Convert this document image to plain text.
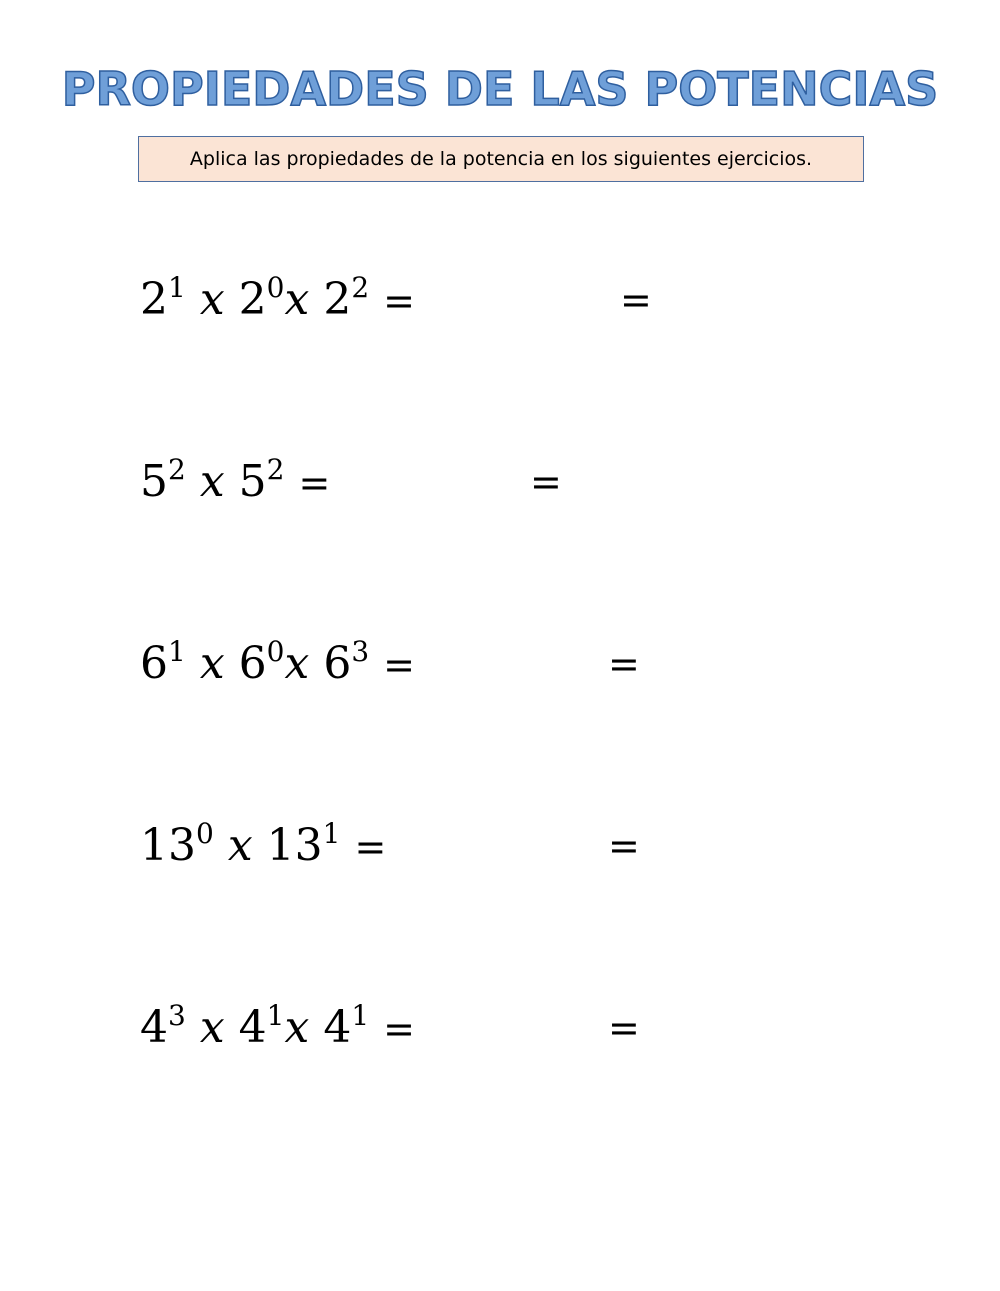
PROPIEDADES DE LAS POTENCIAS
Aplica las propiedades de la potencia en los siguientes ejercicios.
$2^1$ x $2^0x$ $2^2$ =	=
$5^2$ x $5^2$ =	=
$6^1$ x $6^0x$ $6^3$ =	=
$13^0$ x $13^1$ =	=
$4^3$ x $4^1x$ $4^1$ =	=
